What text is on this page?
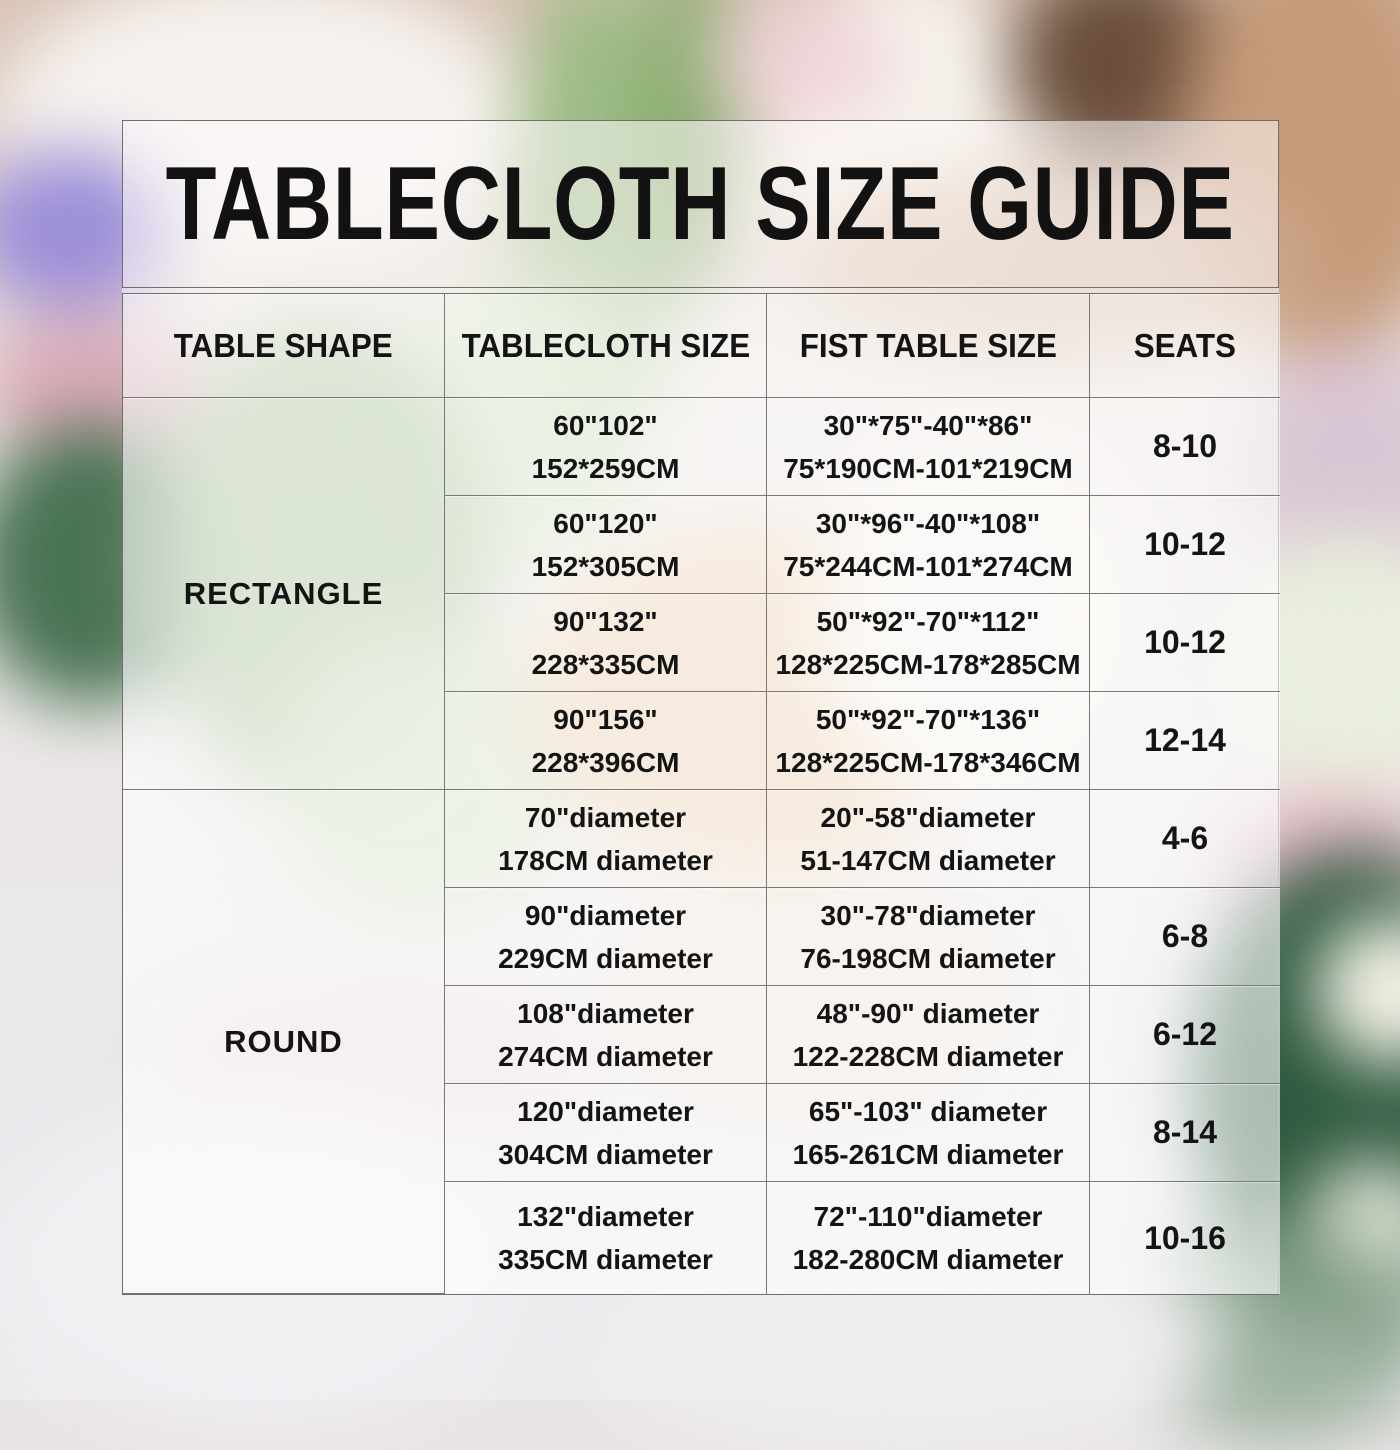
TABLECLOTH SIZE GUIDE
TABLE SHAPE TABLECLOTH SIZE FIST TABLE SIZE SEATS
RECTANGLE
60"102"
152*259CM
30"*75"-40"*86"
75*190CM-101*219CM
8-10
60"120"
152*305CM
30"*96"-40"*108"
75*244CM-101*274CM
10-12
90"132"
228*335CM
50"*92"-70"*112"
128*225CM-178*285CM
10-12
90"156"
228*396CM
50"*92"-70"*136"
128*225CM-178*346CM
12-14
ROUND
70"diameter
178CM diameter
20"-58"diameter
51-147CM diameter
4-6
90"diameter
229CM diameter
30"-78"diameter
76-198CM diameter
6-8
108"diameter
274CM diameter
48"-90" diameter
122-228CM diameter
6-12
120"diameter
304CM diameter
65"-103" diameter
165-261CM diameter
8-14
132"diameter
335CM diameter
72"-110"diameter
182-280CM diameter
10-16
